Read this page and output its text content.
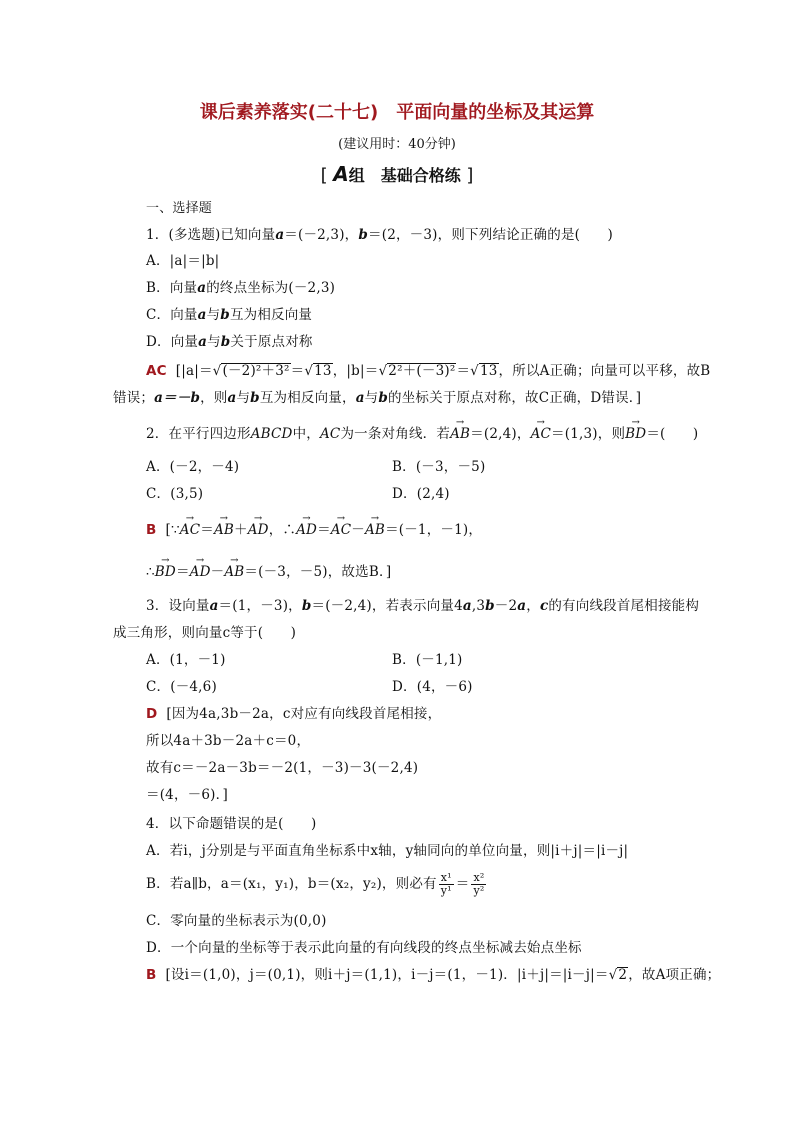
课后素养落实(二十七)　平面向量的坐标及其运算
(建议用时：40分钟)
[ A组　基础合格练 ]
一、选择题
1．(多选题)已知向量a＝(－2,3)，b＝(2，－3)，则下列结论正确的是(　　)
A．|a|＝|b|
B．向量a的终点坐标为(－2,3)
C．向量a与b互为相反向量
D．向量a与b关于原点对称
AC [|a|＝√(－2)²＋3²＝√13，|b|＝√2²＋(－3)²＝√13，所以A正确；向量可以平移，故B
错误；a＝－b，则a与b互为相反向量，a与b的坐标关于原点对称，故C正确，D错误．]
2．在平行四边形ABCD中，AC为一条对角线．若→ AB＝(2,4)，→ AC＝(1,3)，则→ BD＝(　　)
A．(－2，－4)	B．(－3，－5)
C．(3,5)	D．(2,4)
B [∵→ AC＝→ AB＋→ AD，∴→ AD＝→ AC－→ AB＝(－1，－1)，
∴→ BD＝→ AD－→ AB＝(－3，－5)，故选B．]
3．设向量a＝(1，－3)，b＝(－2,4)，若表示向量4a,3b－2a，c的有向线段首尾相接能构
成三角形，则向量c等于(　　)
A．(1，－1)	B．(－1,1)
C．(－4,6)	D．(4，－6)
D [因为4a,3b－2a，c对应有向线段首尾相接，
所以4a＋3b－2a＋c＝0，
故有c＝－2a－3b＝－2(1，－3)－3(－2,4)
＝(4，－6)．]
4．以下命题错误的是(　　)
A．若i，j分别是与平面直角坐标系中x轴，y轴同向的单位向量，则|i＋j|＝|i－j|
B．若a∥b，a＝(x₁，y₁)，b＝(x₂，y₂)，则必有 $\frac{\text{x¹}}{\text{y¹}} = \frac{\text{x²}}{\text{y²}}$
C．零向量的坐标表示为(0,0)
D．一个向量的坐标等于表示此向量的有向线段的终点坐标减去始点坐标
B [设i＝(1,0)，j＝(0,1)，则i＋j＝(1,1)，i－j＝(1，－1)．|i＋j|＝|i－j|＝√2，故A项正确；
